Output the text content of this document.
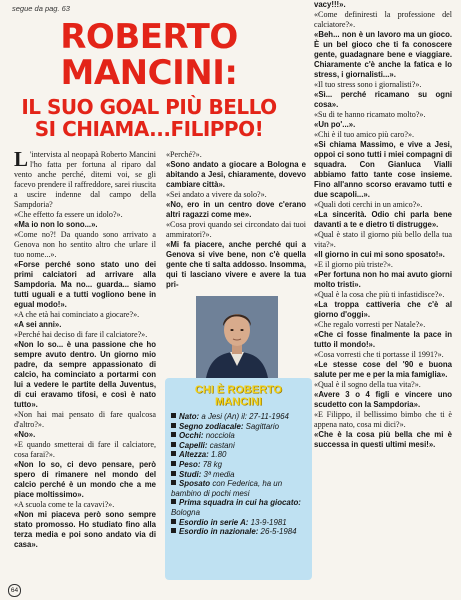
segue da pag. 63
ROBERTO
MANCINI:
IL SUO GOAL PIÙ BELLO
SI CHIAMA...FILIPPO!

L 'intervista al neopapà Roberto Mancini l'ho fatta per fortuna al riparo dal vento anche perché, ditemi voi, se gli facevo prendere il raffreddore, sarei riuscita a uscire indenne dal campo della Sampdoria?

«Che effetto fa essere un idolo?».

«Ma io non lo sono...».

«Come no?! Da quando sono arrivato a Genova non ho sentito altro che urlare il tuo nome...».

«Forse perché sono stato uno dei primi calciatori ad arrivare alla Sampdoria. Ma no... guarda... siamo tutti uguali e a tutti vogliono bene in egual modo!».

«A che età hai cominciato a giocare?».

«A sei anni».

«Perché hai deciso di fare il calciatore?».

«Non lo so... è una passione che ho sempre avuto dentro. Un giorno mio padre, da sempre appassionato di calcio, ha cominciato a portarmi con lui a vedere le partite della Juventus, di cui eravamo tifosi, e così è nato tutto».

«Non hai mai pensato di fare qualcosa d'altro?».

«No».

«E quando smetterai di fare il calciatore, cosa farai?».

«Non lo so, ci devo pensare, però spero di rimanere nel mondo del calcio perché è un mondo che a me piace moltissimo».

«A scuola come te la cavavi?».

«Non mi piaceva però sono sempre stato promosso. Ho studiato fino alla terza media e poi sono andato via di casa».

«Perché?».

«Sono andato a giocare a Bologna e abitando a Jesi, chiaramente, dovevo cambiare città».

«Sei andato a vivere da solo?».

«No, ero in un centro dove c'erano altri ragazzi come me».

«Cosa provi quando sei circondato dai tuoi ammiratori?».

«Mi fa piacere, anche perché qui a Genova si vive bene, non c'è quella gente che ti salta addosso. Insomma, qui ti lasciano vivere e avere la tua pri-

vacy!!!».

«Come definiresti la professione del calciatore?».

«Beh... non è un lavoro ma un gioco. È un bel gioco che ti fa conoscere gente, guadagnare bene e viaggiare. Chiaramente c'è anche la fatica e lo stress, i giornalisti...».

«Il tuo stress sono i giornalisti?».

«Sì... perché ricamano su ogni cosa».

«Su di te hanno ricamato molto?».

«Un po'...».

«Chi è il tuo amico più caro?».

«Si chiama Massimo, e vive a Jesi, oppoi ci sono tutti i miei compagni di squadra. Con Gianluca Vialli abbiamo fatto tante cose insieme. Fino all'anno scorso eravamo tutti e due scapoli...».

«Quali doti cerchi in un amico?».

«La sincerità. Odio chi parla bene davanti a te e dietro ti distrugge».

«Qual è stato il giorno più bello della tua vita?».

«Il giorno in cui mi sono sposato!».

«E il giorno più triste?».

«Per fortuna non ho mai avuto giorni molto tristi».

«Qual è la cosa che più ti infastidisce?».

«La troppa cattiveria che c'è al giorno d'oggi».

«Che regalo vorresti per Natale?».

«Che ci fosse finalmente la pace in tutto il mondo!».

«Cosa vorresti che ti portasse il 1991?».

«Le stesse cose del '90 e buona salute per me e per la mia famiglia».

«Qual è il sogno della tua vita?».

«Avere 3 o 4 figli e vincere uno scudetto con la Sampdoria».

«E Filippo, il bellissimo bimbo che ti è appena nato, cosa mi dici?».

«Che è la cosa più bella che mi è successa in questi ultimi mesi!».

CHI È ROBERTO
MANCINI
Nato: a Jesi (An) il: 27-11-1964
Segno zodiacale: Sagittario
Occhi: nocciola
Capelli: castani
Altezza: 1.80
Peso: 78 kg
Studi: 3ª media
Sposato con Federica, ha un bambino di pochi mesi
Prima squadra in cui ha giocato: Bologna
Esordio in serie A: 13-9-1981
Esordio in nazionale: 26-5-1984
64
